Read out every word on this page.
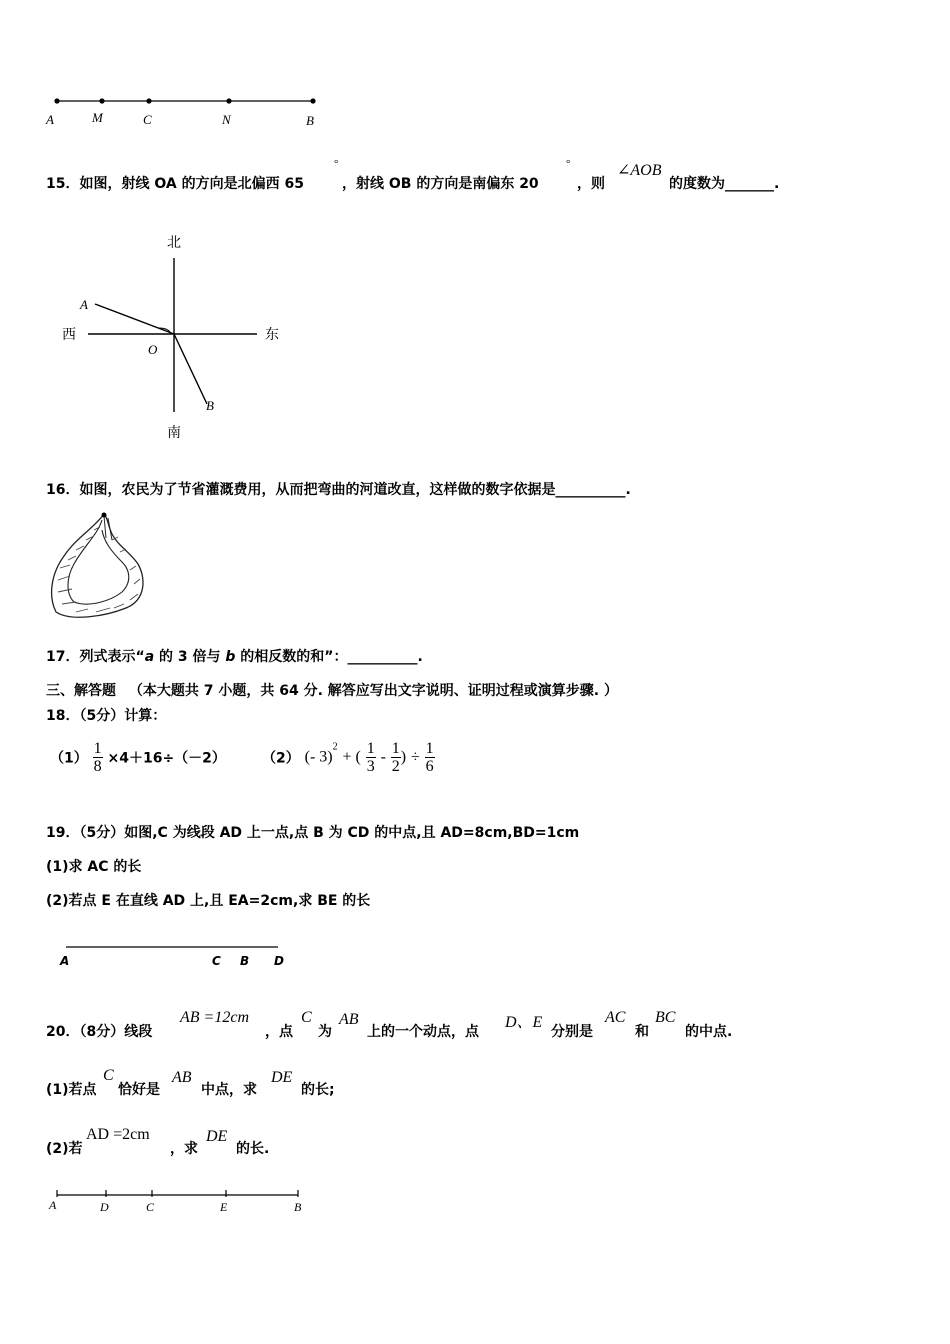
A	M	C	N	B
15．如图，射线 OA 的方向是北偏西 65
°
，射线 OB 的方向是南偏东 20
°
，则
∠AOB
的度数为_______.
北
西	东
南
A
O
B
16．如图，农民为了节省灌溉费用，从而把弯曲的河道改直，这样做的数字依据是__________.
17．列式表示“a 的 3 倍与 b 的相反数的和”：__________.
三、解答题 （本大题共 7 小题，共 64 分. 解答应写出文字说明、证明过程或演算步骤. ）
18．（5分）计算：
$(1) \frac{1}{8} \times 4+16\div(-2)$	（2） (- 3)$^2$ + ( $\frac{1}{3} - \frac{1}{2}$ ) ÷ $\frac{1}{6}$
19．（5分）如图,C 为线段 AD 上一点,点 B 为 CD 的中点,且 AD=8cm,BD=1cm
(1)求 AC 的长
(2)若点 E 在直线 AD 上,且 EA=2cm,求 BE 的长
A	C B D
20．（8分）线段
AB =12cm
，点
C
为
AB
上的一个动点，点
D、E
分别是
AC
和
BC
的中点.
(1)若点
C
恰好是
AB
中点，求
DE
的长;
(2)若
AD =2cm
，求
DE
的长.
A	D	C	E	B
